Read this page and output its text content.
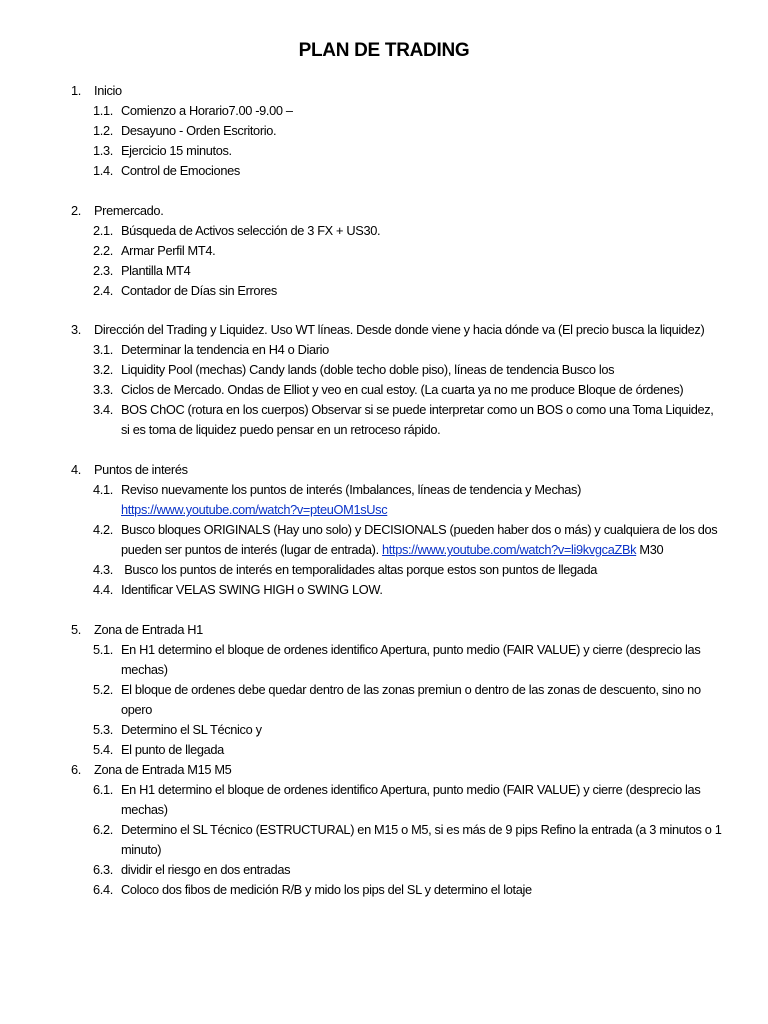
PLAN DE TRADING
1.	Inicio
1.1. Comienzo a Horario7.00 -9.00 –
1.2. Desayuno - Orden Escritorio.
1.3. Ejercicio 15 minutos.
1.4. Control de Emociones
2.	Premercado.
2.1. Búsqueda de Activos selección de 3 FX + US30.
2.2. Armar Perfil MT4.
2.3. Plantilla MT4
2.4. Contador de Días sin Errores
3.	Dirección del Trading y Liquidez. Uso WT líneas. Desde donde viene y hacia dónde va (El precio busca la liquidez)
3.1. Determinar la tendencia en H4 o Diario
3.2. Liquidity Pool (mechas) Candy lands (doble techo doble piso), líneas de tendencia Busco los
3.3. Ciclos de Mercado. Ondas de Elliot y veo en cual estoy. (La cuarta ya no me produce Bloque de órdenes)
3.4. BOS ChOC (rotura en los cuerpos) Observar si se puede interpretar como un BOS o como una Toma Liquidez,
si es toma de liquidez puedo pensar en un retroceso rápido.
4.	Puntos de interés
4.1. Reviso nuevamente los puntos de interés (Imbalances, líneas de tendencia y Mechas)
https://www.youtube.com/watch?v=pteuOM1sUsc
4.2. Busco bloques ORIGINALS (Hay uno solo) y DECISIONALS (pueden haber dos o más) y cualquiera de los dos
pueden ser puntos de interés (lugar de entrada). https://www.youtube.com/watch?v=li9kvgcaZBk M30
4.3. Busco los puntos de interés en temporalidades altas porque estos son puntos de llegada
4.4. Identificar VELAS SWING HIGH o SWING LOW.
5.	Zona de Entrada H1
5.1. En H1 determino el bloque de ordenes identifico Apertura, punto medio (FAIR VALUE) y cierre (desprecio las
mechas)
5.2. El bloque de ordenes debe quedar dentro de las zonas premiun o dentro de las zonas de descuento, sino no
opero
5.3. Determino el SL Técnico y
5.4. El punto de llegada
6.	Zona de Entrada M15 M5
6.1. En H1 determino el bloque de ordenes identifico Apertura, punto medio (FAIR VALUE) y cierre (desprecio las
mechas)
6.2. Determino el SL Técnico (ESTRUCTURAL) en M15 o M5, si es más de 9 pips Refino la entrada (a 3 minutos o 1
minuto)
6.3. dividir el riesgo en dos entradas
6.4. Coloco dos fibos de medición R/B y mido los pips del SL y determino el lotaje
